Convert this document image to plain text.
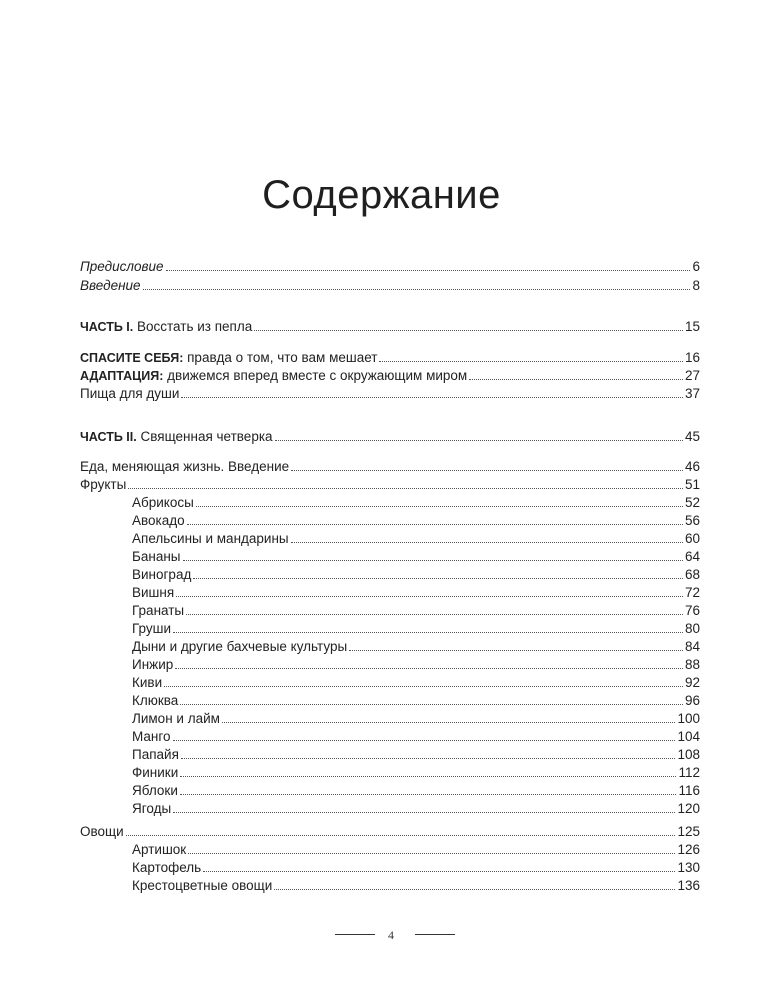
Содержание
Предисловие	6
Введение	8
ЧАСТЬ I. Восстать из пепла	15
СПАСИТЕ СЕБЯ: правда о том, что вам мешает	16
АДАПТАЦИЯ: движемся вперед вместе с окружающим миром	27
Пища для души	37
ЧАСТЬ II. Священная четверка	45
Еда, меняющая жизнь. Введение	46
Фрукты	51
Абрикосы	52
Авокадо	56
Апельсины и мандарины	60
Бананы	64
Виноград	68
Вишня	72
Гранаты	76
Груши	80
Дыни и другие бахчевые культуры	84
Инжир	88
Киви	92
Клюква	96
Лимон и лайм	100
Манго	104
Папайя	108
Финики	112
Яблоки	116
Ягоды	120
Овощи	125
Артишок	126
Картофель	130
Крестоцветные овощи	136
4
